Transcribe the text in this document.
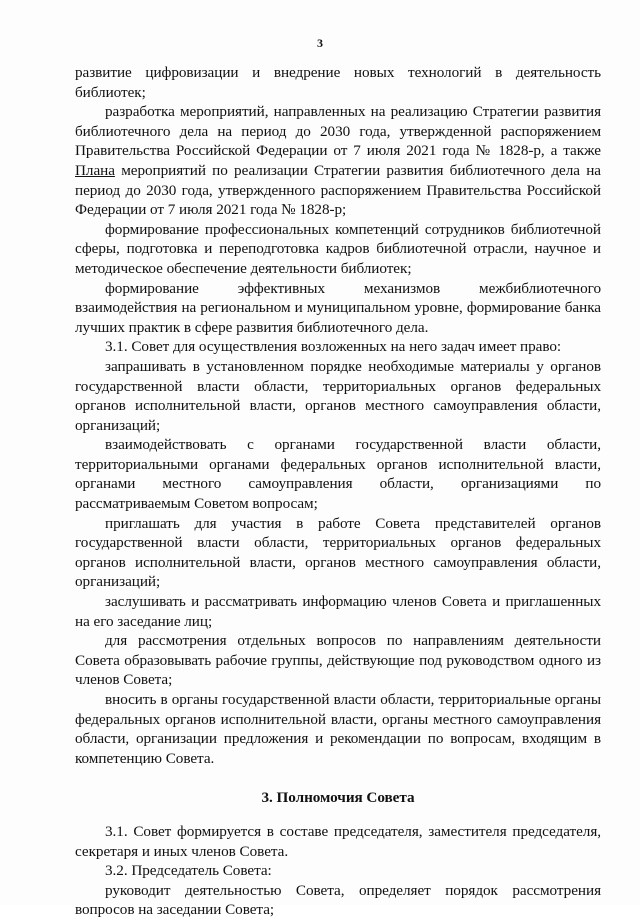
3

развитие цифровизации и внедрение новых технологий в деятельность библиотек;

разработка мероприятий, направленных на реализацию Стратегии развития библиотечного дела на период до 2030 года, утвержденной распоряжением Правительства Российской Федерации от 7 июля 2021 года № 1828-р, а также Плана мероприятий по реализации Стратегии развития библиотечного дела на период до 2030 года, утвержденного распоряжением Правительства Российской Федерации от 7 июля 2021 года № 1828-р;

формирование профессиональных компетенций сотрудников библиотечной сферы, подготовка и переподготовка кадров библиотечной отрасли, научное и методическое обеспечение деятельности библиотек;

формирование эффективных механизмов межбиблиотечного взаимодействия на региональном и муниципальном уровне, формирование банка лучших практик в сфере развития библиотечного дела.

3.1. Совет для осуществления возложенных на него задач имеет право:

запрашивать в установленном порядке необходимые материалы у органов государственной власти области, территориальных органов федеральных органов исполнительной власти, органов местного самоуправления области, организаций;

взаимодействовать с органами государственной власти области, территориальными органами федеральных органов исполнительной власти, органами местного самоуправления области, организациями по рассматриваемым Советом вопросам;

приглашать для участия в работе Совета представителей органов государственной власти области, территориальных органов федеральных органов исполнительной власти, органов местного самоуправления области, организаций;

заслушивать и рассматривать информацию членов Совета и приглашенных на его заседание лиц;

для рассмотрения отдельных вопросов по направлениям деятельности Совета образовывать рабочие группы, действующие под руководством одного из членов Совета;

вносить в органы государственной власти области, территориальные органы федеральных органов исполнительной власти, органы местного самоуправления области, организации предложения и рекомендации по вопросам, входящим в компетенцию Совета.

3. Полномочия Совета

3.1. Совет формируется в составе председателя, заместителя председателя, секретаря и иных членов Совета.

3.2. Председатель Совета:

руководит деятельностью Совета, определяет порядок рассмотрения вопросов на заседании Совета;
